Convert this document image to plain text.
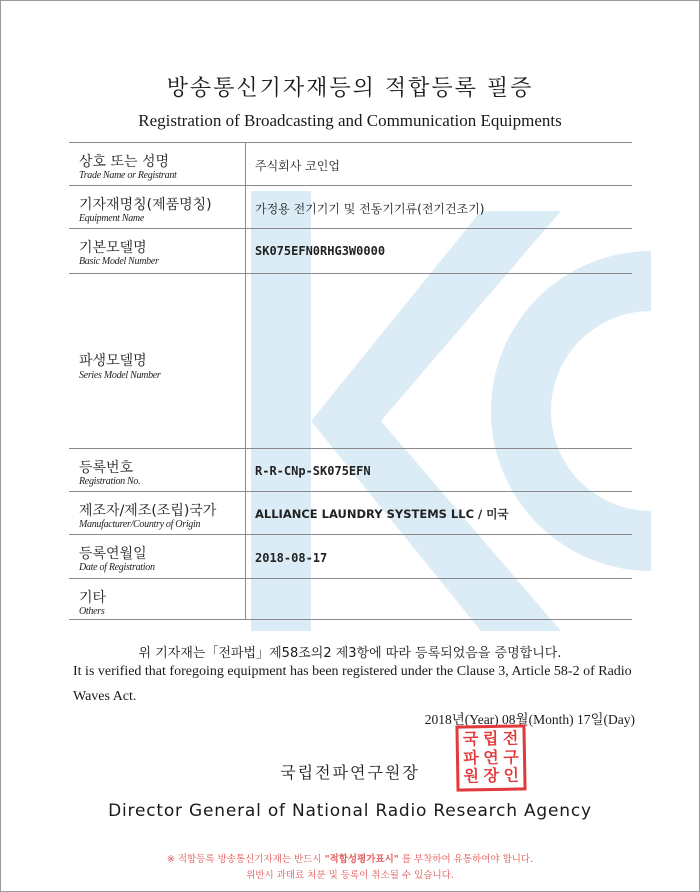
방송통신기자재등의 적합등록 필증
Registration of Broadcasting and Communication Equipments
상호 또는 성명
Trade Name or Registrant
주식회사 코인업
기자재명칭(제품명칭)
Equipment Name
가정용 전기기기 및 전동기기류(전기건조기)
기본모델명
Basic Model Number
SK075EFN0RHG3W0000
파생모델명
Series Model Number
등록번호
Registration No.
R-R-CNp-SK075EFN
제조자/제조(조립)국가
Manufacturer/Country of Origin
ALLIANCE LAUNDRY SYSTEMS LLC / 미국
등록연월일
Date of Registration
2018-08-17
기타
Others
위 기자재는「전파법」제58조의2 제3항에 따라 등록되었음을 증명합니다.
It is verified that foregoing equipment has been registered under the Clause 3, Article 58-2 of Radio Waves Act.
2018년(Year) 08월(Month) 17일(Day)
국 립 전
파 연 구
원 장 인
국립전파연구원장
Director General of National Radio Research Agency
※ 적합등록 방송통신기자재는 반드시 "적합성평가표시" 를 부착하여 유통하여야 합니다.
위반시 과태료 처분 및 등록이 취소될 수 있습니다.
